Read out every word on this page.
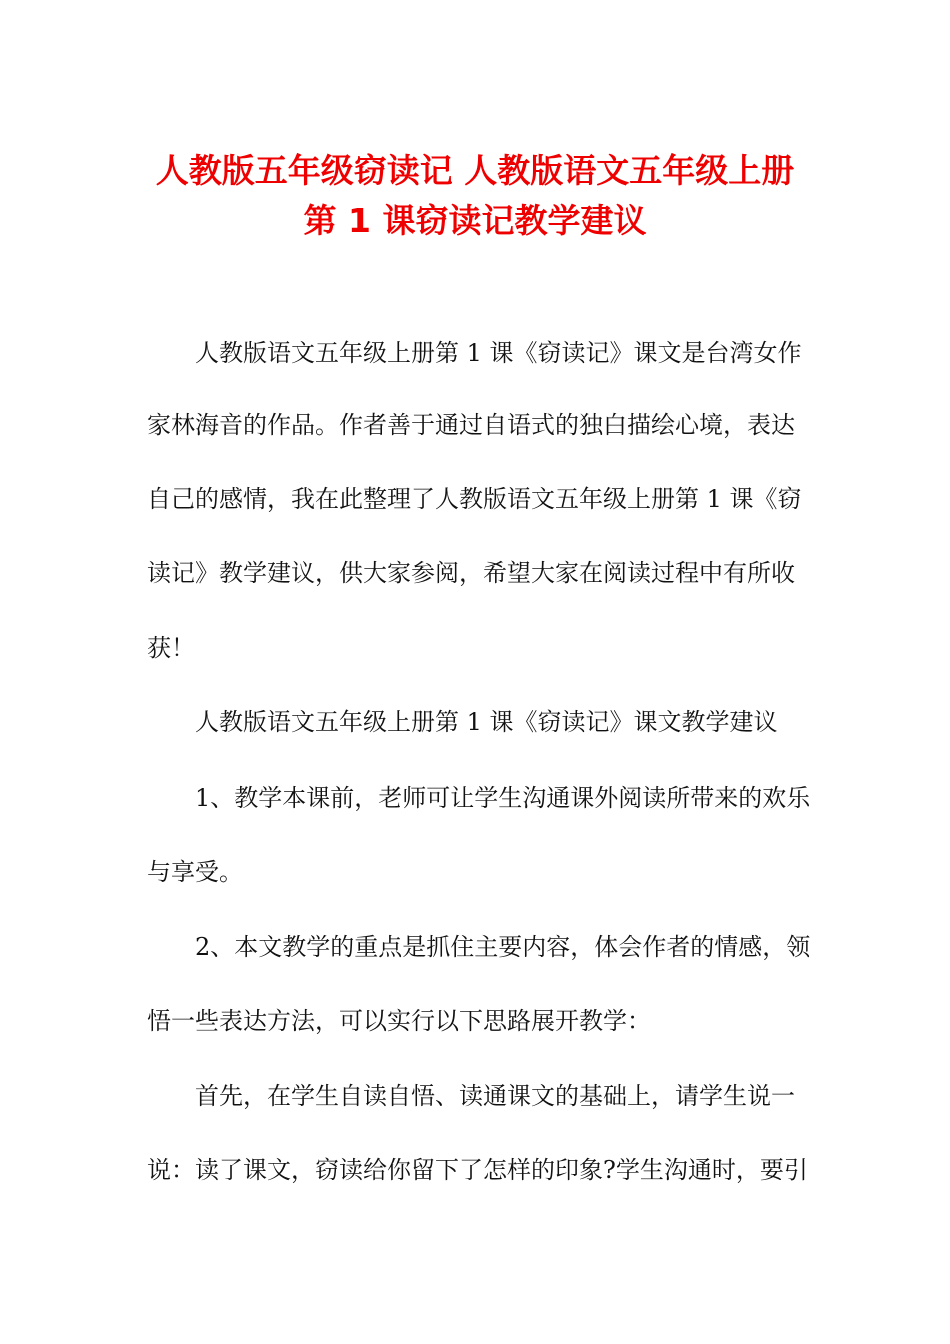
人教版五年级窃读记 人教版语文五年级上册
第 1 课窃读记教学建议
人教版语文五年级上册第 1 课《窃读记》课文是台湾女作
家林海音的作品。作者善于通过自语式的独白描绘心境，表达
自己的感情，我在此整理了人教版语文五年级上册第 1 课《窃
读记》教学建议，供大家参阅，希望大家在阅读过程中有所收
获！
人教版语文五年级上册第 1 课《窃读记》课文教学建议
1、教学本课前，老师可让学生沟通课外阅读所带来的欢乐
与享受。
2、本文教学的重点是抓住主要内容，体会作者的情感，领
悟一些表达方法，可以实行以下思路展开教学：
首先，在学生自读自悟、读通课文的基础上，请学生说一
说：读了课文，窃读给你留下了怎样的印象?学生沟通时，要引
